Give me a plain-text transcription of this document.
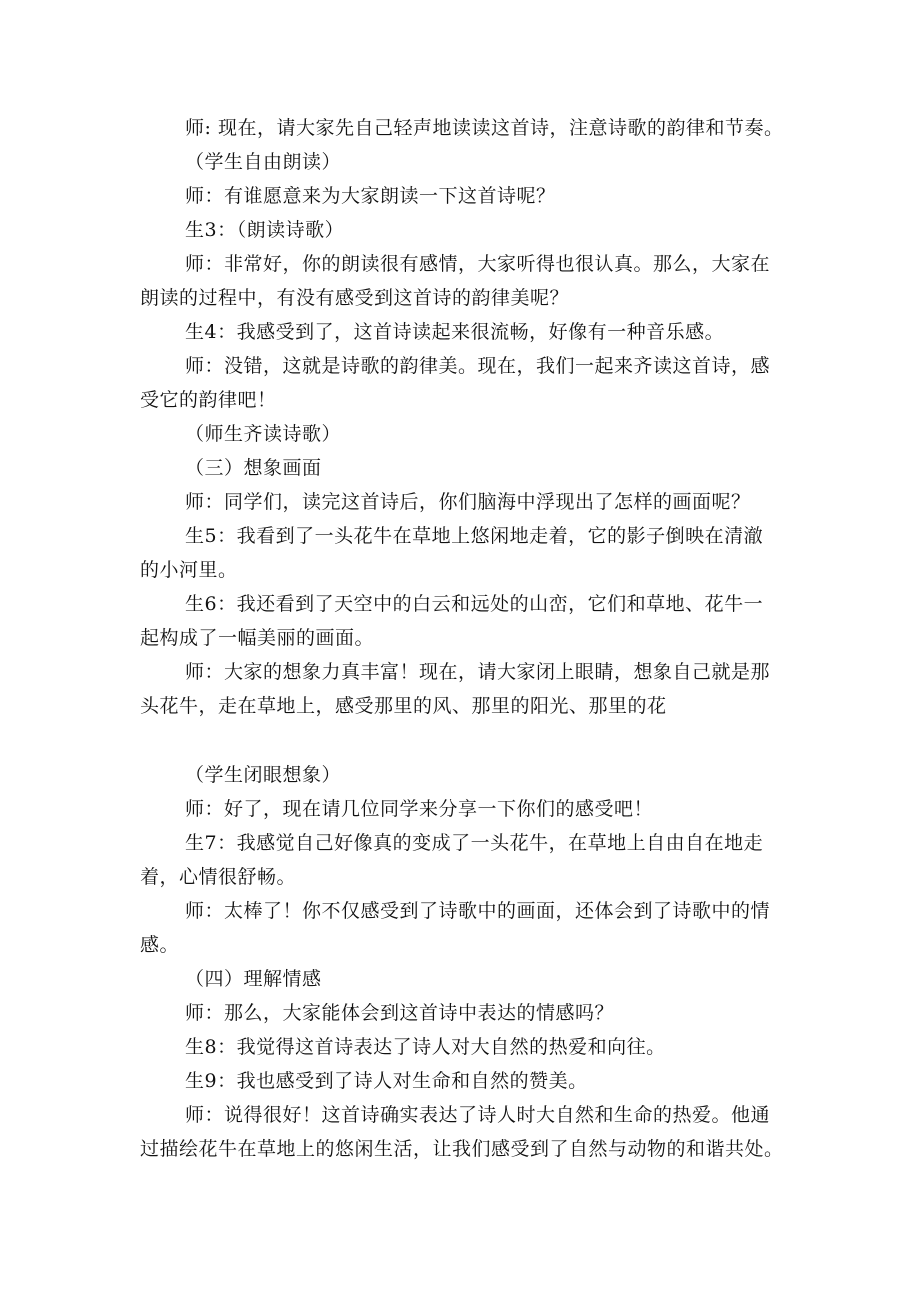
师: 现在，请大家先自己轻声地读读这首诗，注意诗歌的韵律和节奏。
（学生自由朗读）
师：有谁愿意来为大家朗读一下这首诗呢？
生3：（朗读诗歌）
师：非常好，你的朗读很有感情，大家听得也很认真。那么，大家在
朗读的过程中，有没有感受到这首诗的韵律美呢？
生4：我感受到了，这首诗读起来很流畅，好像有一种音乐感。
师：没错，这就是诗歌的韵律美。现在，我们一起来齐读这首诗，感
受它的韵律吧！
（师生齐读诗歌）
（三）想象画面
师：同学们，读完这首诗后，你们脑海中浮现出了怎样的画面呢？
生5：我看到了一头花牛在草地上悠闲地走着，它的影子倒映在清澈
的小河里。
生6：我还看到了天空中的白云和远处的山峦，它们和草地、花牛一
起构成了一幅美丽的画面。
师：大家的想象力真丰富！现在，请大家闭上眼睛，想象自己就是那
头花牛，走在草地上，感受那里的风、那里的阳光、那里的花
（学生闭眼想象）
师：好了，现在请几位同学来分享一下你们的感受吧！
生7：我感觉自己好像真的变成了一头花牛，在草地上自由自在地走
着，心情很舒畅。
师：太棒了！你不仅感受到了诗歌中的画面，还体会到了诗歌中的情
感。
（四）理解情感
师：那么，大家能体会到这首诗中表达的情感吗？
生8：我觉得这首诗表达了诗人对大自然的热爱和向往。
生9：我也感受到了诗人对生命和自然的赞美。
师：说得很好！这首诗确实表达了诗人时大自然和生命的热爱。他通
过描绘花牛在草地上的悠闲生活，让我们感受到了自然与动物的和谐共处。
